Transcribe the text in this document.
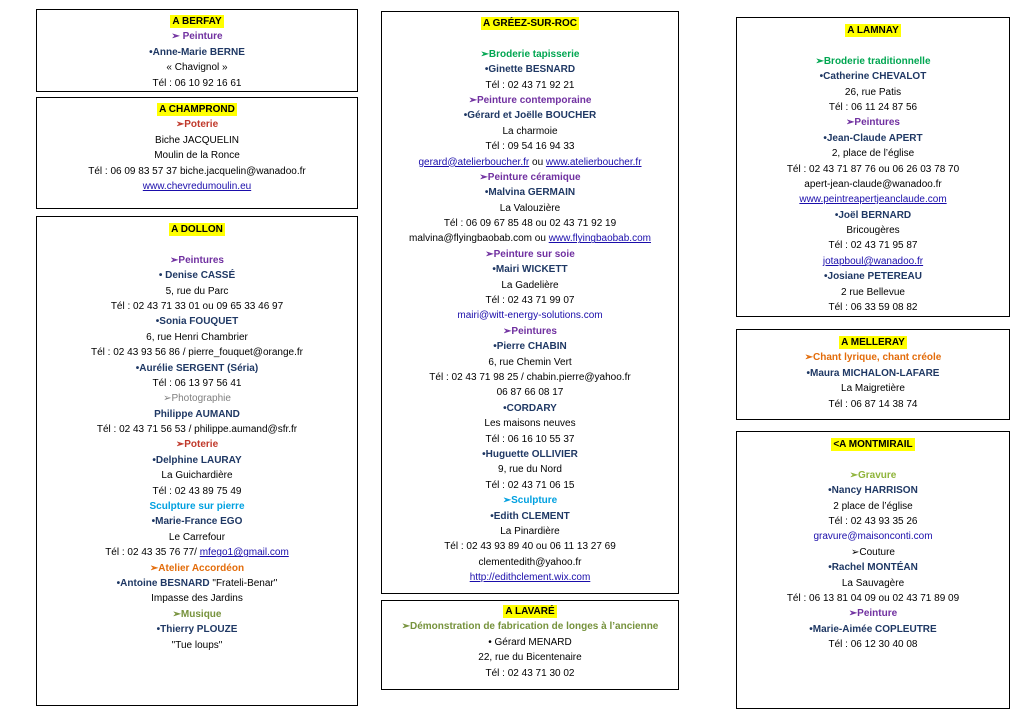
A BERFAY
➢ Peinture
•Anne-Marie BERNE
« Chavignol »
Tél : 06 10 92 16 61
A CHAMPROND
➢Poterie
Biche JACQUELIN
Moulin de la Ronce
Tél : 06 09 83 57 37 biche.jacquelin@wanadoo.fr
www.chevredumoulin.eu
A DOLLON
➢Peintures
• Denise CASSÉ
5, rue du Parc
Tél : 02 43 71 33 01 ou 09 65 33 46 97
•Sonia FOUQUET
6, rue Henri Chambrier
Tél : 02 43 93 56 86 / pierre_fouquet@orange.fr
•Aurélie SERGENT (Séria)
Tél : 06 13 97 56 41
➢Photographie
Philippe AUMAND
Tél : 02 43 71 56 53 / philippe.aumand@sfr.fr
➢Poterie
•Delphine LAURAY
La Guichardière
Tél : 02 43 89 75 49
Sculpture sur pierre
•Marie-France EGO
Le Carrefour
Tél : 02 43 35 76 77/ mfego1@gmail.com
➢Atelier Accordéon
•Antoine BESNARD "Frateli-Benar"
Impasse des Jardins
➢Musique
•Thierry PLOUZE
"Tue loups"
A GRÉEZ-SUR-ROC
➢Broderie tapisserie
•Ginette BESNARD
Tél : 02 43 71 92 21
➢Peinture contemporaine
•Gérard et Joëlle BOUCHER
La charmoie
Tél : 09 54 16 94 33
gerard@atelierboucher.fr ou www.atelierboucher.fr
➢Peinture céramique
•Malvina GERMAIN
La Valouzière
Tél : 06 09 67 85 48 ou 02 43 71 92 19
malvina@flyingbaobab.com ou www.flyingbaobab.com
➢Peinture sur soie
•Mairi WICKETT
La Gadelière
Tél : 02 43 71 99 07
mairi@witt-energy-solutions.com
➢Peintures
•Pierre CHABIN
6, rue Chemin Vert
Tél : 02 43 71 98 25 / chabin.pierre@yahoo.fr
06 87 66 08 17
•CORDARY
Les maisons neuves
Tél : 06 16 10 55 37
•Huguette OLLIVIER
9, rue du Nord
Tél : 02 43 71 06 15
➢Sculpture
•Edith CLEMENT
La Pinardière
Tél : 02 43 93 89 40 ou 06 11 13 27 69
clementedith@yahoo.fr
http://edithclement.wix.com
A LAVARÉ
➢Démonstration de fabrication de longes à l’ancienne
• Gérard MENARD
22, rue du Bicentenaire
Tél : 02 43 71 30 02
A LAMNAY
➢Broderie traditionnelle
•Catherine CHEVALOT
26, rue Patis
Tél : 06 11 24 87 56
➢Peintures
•Jean-Claude APERT
2, place de l’église
Tél : 02 43 71 87 76 ou 06 26 03 78 70
apert-jean-claude@wanadoo.fr
www.peintreapertjeanclaude.com
•Joël BERNARD
Bricougères
Tél : 02 43 71 95 87
jotapboul@wanadoo.fr
•Josiane PETEREAU
2 rue Bellevue
Tél : 06 33 59 08 82
A MELLERAY
➢Chant lyrique, chant créole
•Maura MICHALON-LAFARE
La Maigretière
Tél : 06 87 14 38 74
<A MONTMIRAIL
➢Gravure
•Nancy HARRISON
2 place de l’église
Tél : 02 43 93 35 26
gravure@maisonconti.com
➢Couture
•Rachel MONTÉAN
La Sauvagère
Tél : 06 13 81 04 09 ou 02 43 71 89 09
➢Peinture
•Marie-Aimée COPLEUTRE
Tél : 06 12 30 40 08
